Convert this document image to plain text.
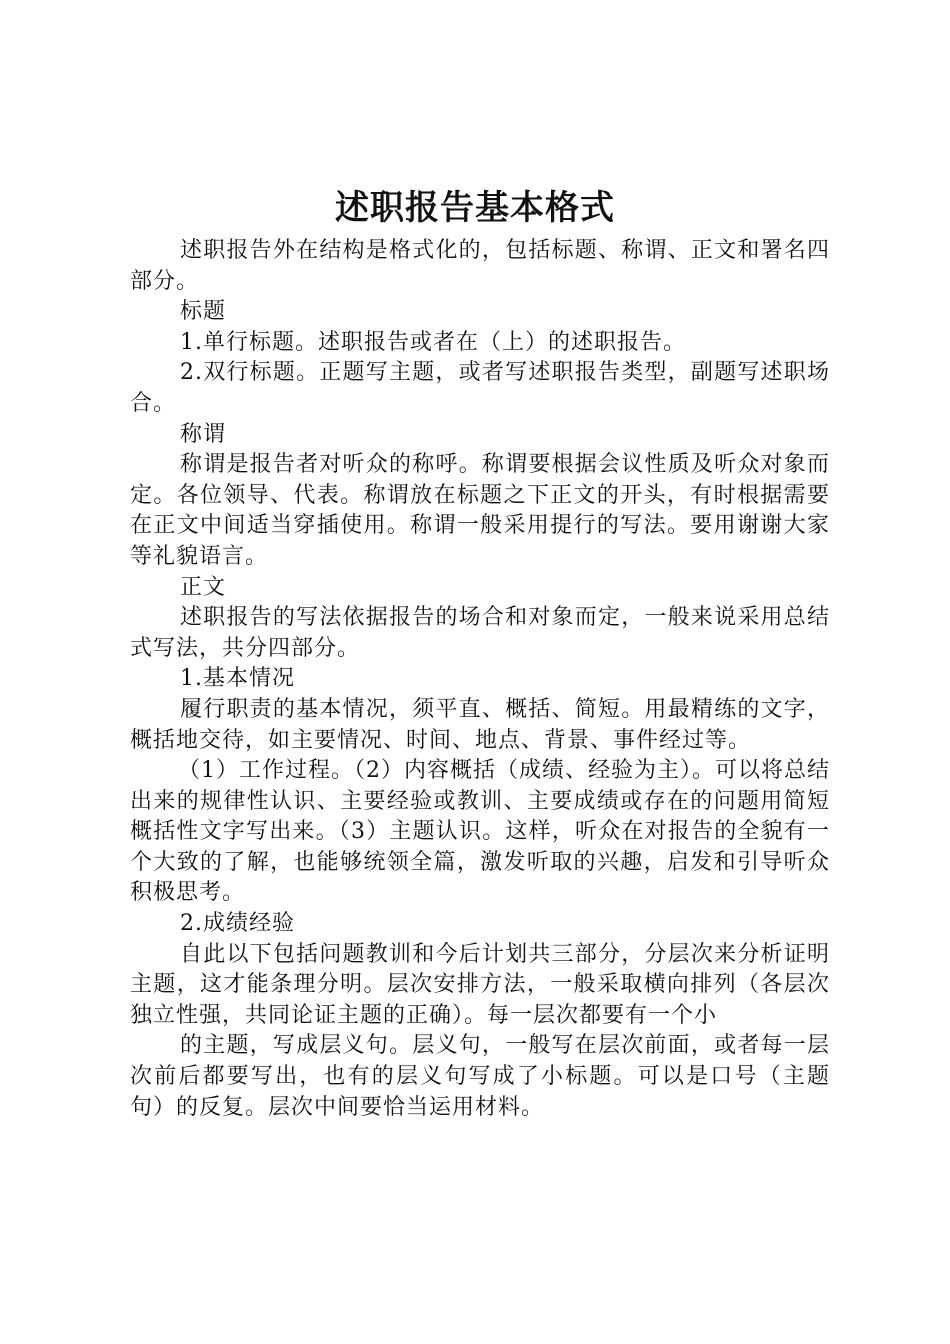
述职报告基本格式

述职报告外在结构是格式化的，包括标题、称谓、正文和署名四部分。

标题

1.单行标题。述职报告或者在（上）的述职报告。

2.双行标题。正题写主题，或者写述职报告类型，副题写述职场合。

称谓

称谓是报告者对听众的称呼。称谓要根据会议性质及听众对象而定。各位领导、代表。称谓放在标题之下正文的开头，有时根据需要在正文中间适当穿插使用。称谓一般采用提行的写法。要用谢谢大家等礼貌语言。

正文

述职报告的写法依据报告的场合和对象而定，一般来说采用总结式写法，共分四部分。

1.基本情况

履行职责的基本情况，须平直、概括、简短。用最精练的文字，概括地交待，如主要情况、时间、地点、背景、事件经过等。

（1）工作过程。（2）内容概括（成绩、经验为主）。可以将总结出来的规律性认识、主要经验或教训、主要成绩或存在的问题用简短概括性文字写出来。（3）主题认识。这样，听众在对报告的全貌有一个大致的了解，也能够统领全篇，激发听取的兴趣，启发和引导听众积极思考。

2.成绩经验

自此以下包括问题教训和今后计划共三部分，分层次来分析证明主题，这才能条理分明。层次安排方法，一般采取横向排列（各层次独立性强，共同论证主题的正确）。每一层次都要有一个小

的主题，写成层义句。层义句，一般写在层次前面，或者每一层次前后都要写出，也有的层义句写成了小标题。可以是口号（主题句）的反复。层次中间要恰当运用材料。
